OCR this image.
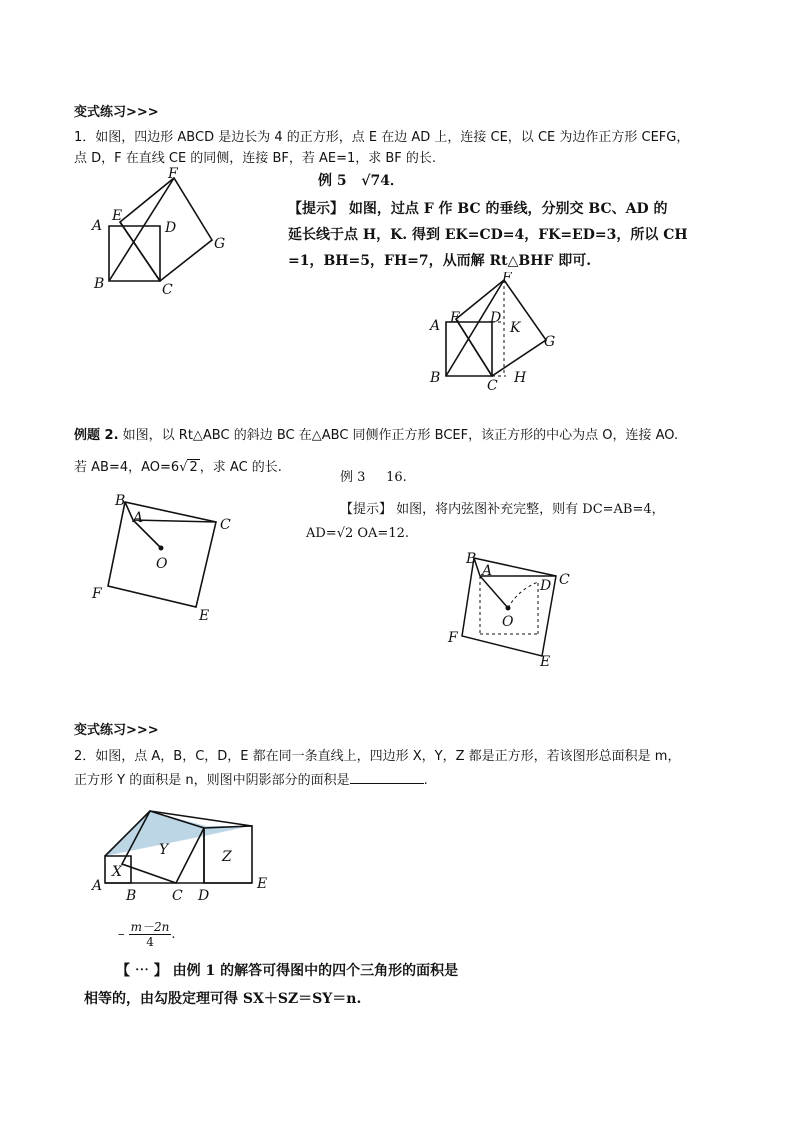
变式练习>>>
1．如图，四边形 ABCD 是边长为 4 的正方形，点 E 在边 AD 上，连接 CE，以 CE 为边作正方形 CEFG，
点 D，F 在直线 CE 的同侧，连接 BF，若 AE=1，求 BF 的长.
A
B	C
D
E
F
G
例 5 √74．
【提示】 如图，过点 F 作 BC 的垂线，分别交 BC、AD 的
延长线于点 H，K. 得到 EK=CD=4，FK=ED=3，所以 CH
=1，BH=5，FH=7，从而解 Rt△BHF 即可.
A
B	C
D
E
F
G
H
K
例题 2. 如图，以 Rt△ABC 的斜边 BC 在△ABC 同侧作正方形 BCEF，该正方形的中心为点 O，连接 AO.
若 AB=4，AO=6√ 2 ，求 AC 的长.
B
A	C
F
E
O
例 3 16.
【提示】 如图，将内弦图补充完整，则有 DC=AB=4，
AD=√2 OA=12.
B
A
C
D
F
E
O
变式练习>>>
2．如图，点 A，B，C，D，E 都在同一条直线上，四边形 X，Y，Z 都是正方形，若该图形总面积是 m，
正方形 Y 的面积是 n，则图中阴影部分的面积是	.
A
B	C D
E
X
Y	Z
– $\frac{m-2n}{4}$ .
【 ⋯ 】 由例 1 的解答可得图中的四个三角形的面积是
相等的，由勾股定理可得 SX＋SZ＝SY＝n.
